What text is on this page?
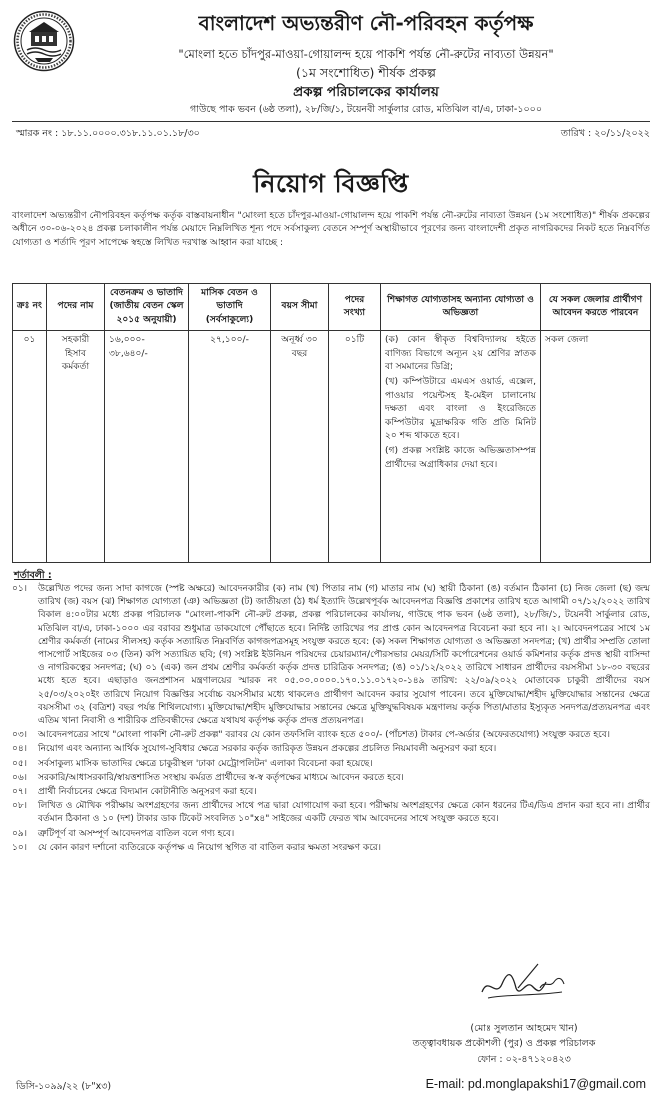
বাংলাদেশ অভ্যন্তরীণ নৌ-পরিবহন কর্তৃপক্ষ
"মোংলা হতে চাঁদপুর-মাওয়া-গোয়ালন্দ হয়ে পাকশি পর্যন্ত নৌ-রুটের নাব্যতা উন্নয়ন"
(১ম সংশোধিত) শীর্ষক প্রকল্প
প্রকল্প পরিচালকের কার্যালয়
গাউছে পাক ভবন (৬ষ্ঠ তলা), ২৮/জি/১, টয়েনবী সার্কুলার রোড, মতিঝিল বা/এ, ঢাকা-১০০০
স্মারক নং : ১৮.১১.০০০০.৩১৮.১১.০১.১৮/৩০	তারিখ : ২০/১১/২০২২
নিয়োগ বিজ্ঞপ্তি
বাংলাদেশ অভ্যন্তরীণ নৌপরিবহন কর্তৃপক্ষ কর্তৃক বাস্তবায়নাধীন "মোংলা হতে চাঁদপুর-মাওয়া-গোয়ালন্দ হয়ে পাকশি পর্যন্ত নৌ-রুটের নাব্যতা উন্নয়ন (১ম সংশোধিত)" শীর্ষক প্রকল্পের অধীনে ৩০-০৬-২০২৪ প্রকল্প চলাকালীন পর্যন্ত মেয়াদে নিম্নলিখিত শূন্য পদে সর্বসাকুল্য বেতনে সম্পূর্ণ অস্থায়ীভাবে পূরণের জন্য বাংলাদেশী প্রকৃত নাগরিকদের নিকট হতে নিম্নবর্ণিত যোগ্যতা ও শর্তাদি পূরণ সাপেক্ষে স্বহস্তে লিখিত দরখাস্ত আহ্বান করা যাচ্ছে :
ক্রঃ নং	পদের নাম	বেতনক্রম ও ভাতাদি (জাতীয় বেতন স্কেল ২০১৫ অনুযায়ী)	মাসিক বেতন ও ভাতাদি (সর্বসাকুল্যে)	বয়স সীমা	পদের সংখ্যা	শিক্ষাগত যোগ্যতাসহ অন্যান্য যোগ্যতা ও অভিজ্ঞতা	যে সকল জেলার প্রার্থীগণ আবেদন করতে পারবেন
০১	সহকারী হিসাব কর্মকর্তা	১৬,০০০- ৩৮,৬৪০/-	২৭,১০০/-	অনূর্ধ্ব ৩০ বছর	০১টি	(ক) কোন স্বীকৃত বিশ্ববিদ্যালয় হইতে বাণিজ্য বিভাগে অন্যূন ২য় শ্রেণির স্নাতক বা সমমানের ডিগ্রি;

(খ) কম্পিউটারে এমএস ওয়ার্ড, এক্সেল, পাওয়ার পয়েন্টসহ ই-মেইল চালানোয় দক্ষতা এবং বাংলা ও ইংরেজিতে কম্পিউটার মুদ্রাক্ষরিক গতি প্রতি মিনিট ২০ শব্দ থাকতে হবে।

(গ) প্রকল্প সংশ্লিষ্ট কাজে অভিজ্ঞতাসম্পন্ন প্রার্থীদের অগ্রাধিকার দেয়া হবে।	সকল জেলা
শর্তাবলী :
০১।	উল্লেখিত পদের জন্য সাদা কাগজে (স্পষ্ট অক্ষরে) আবেদনকারীর (ক) নাম (খ) পিতার নাম (গ) মাতার নাম (ঘ) স্থায়ী ঠিকানা (ঙ) বর্তমান ঠিকানা (চ) নিজ জেলা (ছ) জন্ম তারিখ (জ) বয়স (ঝ) শিক্ষাগত যোগ্যতা (ঞ) অভিজ্ঞতা (ট) জাতীয়তা (ঠ) ধর্ম ইত্যাদি উল্লেখপূর্বক আবেদনপত্র বিজ্ঞপ্তি প্রকাশের তারিখ হতে আগামী ০৭/১২/২০২২ তারিখ বিকাল ৪:০০টার মধ্যে প্রকল্প পরিচালক "মোংলা-পাকশি নৌ-রুট প্রকল্প, প্রকল্প পরিচালকের কার্যালয়, গাউছে পাক ভবন (৬ষ্ঠ তলা), ২৮/জি/১, টয়েনবী সার্কুলার রোড, মতিঝিল বা/এ, ঢাকা-১০০০ এর বরাবর শুধুমাত্র ডাকযোগে পৌঁছাতে হবে। নির্দিষ্ট তারিখের পর প্রাপ্ত কোন আবেদনপত্র বিবেচনা করা হবে না। ২। আবেদনপত্রের সাথে ১ম শ্রেণীর কর্মকর্তা (নামের সীলসহ) কর্তৃক সত্যায়িত নিম্নবর্ণিত কাগজপত্রসমূহ সংযুক্ত করতে হবে: (ক) সকল শিক্ষাগত যোগ্যতা ও অভিজ্ঞতা সনদপত্র; (খ) প্রার্থীর সম্প্রতি তোলা পাসপোর্ট সাইজের ০৩ (তিন) কপি সত্যায়িত ছবি; (গ) সংশ্লিষ্ট ইউনিয়ন পরিষদের চেয়ারম্যান/পৌরসভার মেয়র/সিটি কর্পোরেশনের ওয়ার্ড কমিশনার কর্তৃক প্রদত্ত স্থায়ী বাসিন্দা ও নাগরিকত্বের সনদপত্র; (ঘ) ০১ (এক) জন প্রথম শ্রেণীর কর্মকর্তা কর্তৃক প্রদত্ত চারিত্রিক সনদপত্র; (ঙ) ০১/১২/২০২২ তারিখে সাধারন প্রার্থীদের বয়সসীমা ১৮-৩০ বছরের মধ্যে হতে হবে। এছাড়াও জনপ্রশাসন মন্ত্রণালয়ের স্মারক নং ০৫.০০.০০০০.১৭০.১১.০১৭২০-১৪৯ তারিখ: ২২/০৯/২০২২ মোতাবেক চাকুরী প্রার্থীদের বয়স ২৫/০৩/২০২০ইং তারিখে নিয়োগ বিজ্ঞপ্তির সর্বোচ্চ বয়সসীমার মধ্যে থাকলেও প্রার্থীগণ আবেদন করার সুযোগ পাবেন। তবে মুক্তিযোদ্ধা/শহীদ মুক্তিযোদ্ধার সন্তানের ক্ষেত্রে বয়সসীমা ৩২ (বত্রিশ) বছর পর্যন্ত শিথিলযোগ্য। মুক্তিযোদ্ধা/শহীদ মুক্তিযোদ্ধার সন্তানের ক্ষেত্রে মুক্তিযুদ্ধবিষয়ক মন্ত্রণালয় কর্তৃক পিতা/মাতার ইস্যুকৃত সনদপত্র/প্রত্যয়নপত্র এবং এতিম খানা নিবাসী ও শারীরিক প্রতিবন্ধীদের ক্ষেত্রে যথাযথ কর্তৃপক্ষ কর্তৃক প্রদত্ত প্রত্যয়নপত্র।
০৩।	আবেদনপত্রের সাথে "মোংলা পাকশি নৌ-রুট প্রকল্প" বরাবর যে কোন তফসিলি ব্যাংক হতে ৫০০/- (পাঁচশত) টাকার পে-অর্ডার (অফেরতযোগ্য) সংযুক্ত করতে হবে।
০৪।	নিয়োগ এবং অন্যান্য আর্থিক সুযোগ-সুবিধার ক্ষেত্রে সরকার কর্তৃক জারিকৃত উন্নয়ন প্রকল্পের প্রচলিত নিয়মাবলী অনুসরণ করা হবে।
০৫।	সর্বসাকুল্য মাসিক ভাতাদির ক্ষেত্রে চাকুরীস্থল 'ঢাকা মেট্রোপলিটন' এলাকা বিবেচনা করা হয়েছে।
০৬।	সরকারি/আধাসরকারি/স্বায়ত্তশাসিত সংস্থায় কর্মরত প্রার্থীদের স্ব-স্ব কর্তৃপক্ষের মাধ্যমে আবেদন করতে হবে।
০৭।	প্রার্থী নির্বাচনের ক্ষেত্রে বিদ্যমান কোটানীতি অনুসরণ করা হবে।
০৮।	লিখিত ও মৌখিক পরীক্ষায় অংশগ্রহণের জন্য প্রার্থীদের সাথে পত্র দ্বারা যোগাযোগ করা হবে। পরীক্ষায় অংশগ্রহণের ক্ষেত্রে কোন ধরনের টিএ/ডিএ প্রদান করা হবে না। প্রার্থীর বর্তমান ঠিকানা ও ১০ (দশ) টাকার ডাক টিকেট সংবলিত ১০"x৪" সাইজের একটি ফেরত খাম আবেদনের সাথে সংযুক্ত করতে হবে।
০৯।	ত্রুটিপূর্ণ বা অসম্পূর্ণ আবেদনপত্র বাতিল বলে গণ্য হবে।
১০।	যে কোন কারণ দর্শানো ব্যতিরেকে কর্তৃপক্ষ এ নিয়োগ স্থগিত বা বাতিল করার ক্ষমতা সংরক্ষণ করে।
(মোঃ সুলতান আহমেদ খান)
তত্ত্বাবধায়ক প্রকৌশলী (পুর) ও প্রকল্প পরিচালক
ফোন : ০২-৪৭১২০৪২৩
ডিসি-১০৯৯/২২ (৮"x৩)	E-mail: pd.monglapakshi17@gmail.com
